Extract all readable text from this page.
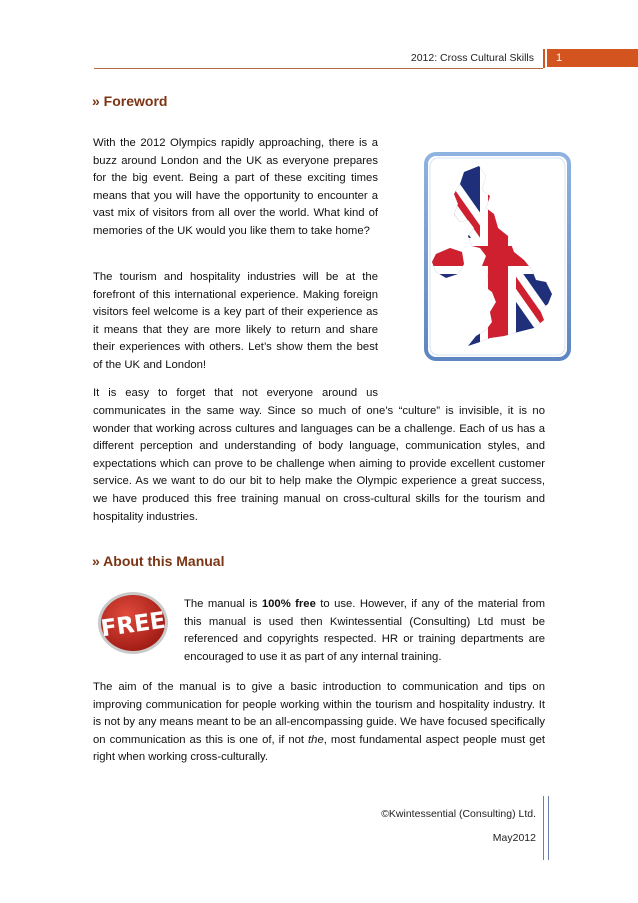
2012: Cross Cultural Skills	1
» Foreword

With the 2012 Olympics rapidly approaching, there is a buzz around London and the UK as everyone prepares for the big event. Being a part of these exciting times means that you will have the opportunity to encounter a vast mix of visitors from all over the world. What kind of memories of the UK would you like them to take home?

The tourism and hospitality industries will be at the forefront of this international experience. Making foreign visitors feel welcome is a key part of their experience as it means that they are more likely to return and share their experiences with others. Let’s show them the best of the UK and London!

It is easy to forget that not everyone around us

communicates in the same way. Since so much of one’s “culture” is invisible, it is no wonder that working across cultures and languages can be a challenge. Each of us has a different perception and understanding of body language, communication styles, and expectations which can prove to be challenge when aiming to provide excellent customer service. As we want to do our bit to help make the Olympic experience a great success, we have produced this free training manual on cross-cultural skills for the tourism and hospitality industries.

» About this Manual
FREE

The manual is 100% free to use. However, if any of the material from this manual is used then Kwintessential (Consulting) Ltd must be referenced and copyrights respected. HR or training departments are encouraged to use it as part of any internal training.

The aim of the manual is to give a basic introduction to communication and tips on improving communication for people working within the tourism and hospitality industry. It is not by any means meant to be an all-encompassing guide. We have focused specifically on communication as this is one of, if not the, most fundamental aspect people must get right when working cross-culturally.

©Kwintessential (Consulting) Ltd.
May2012
